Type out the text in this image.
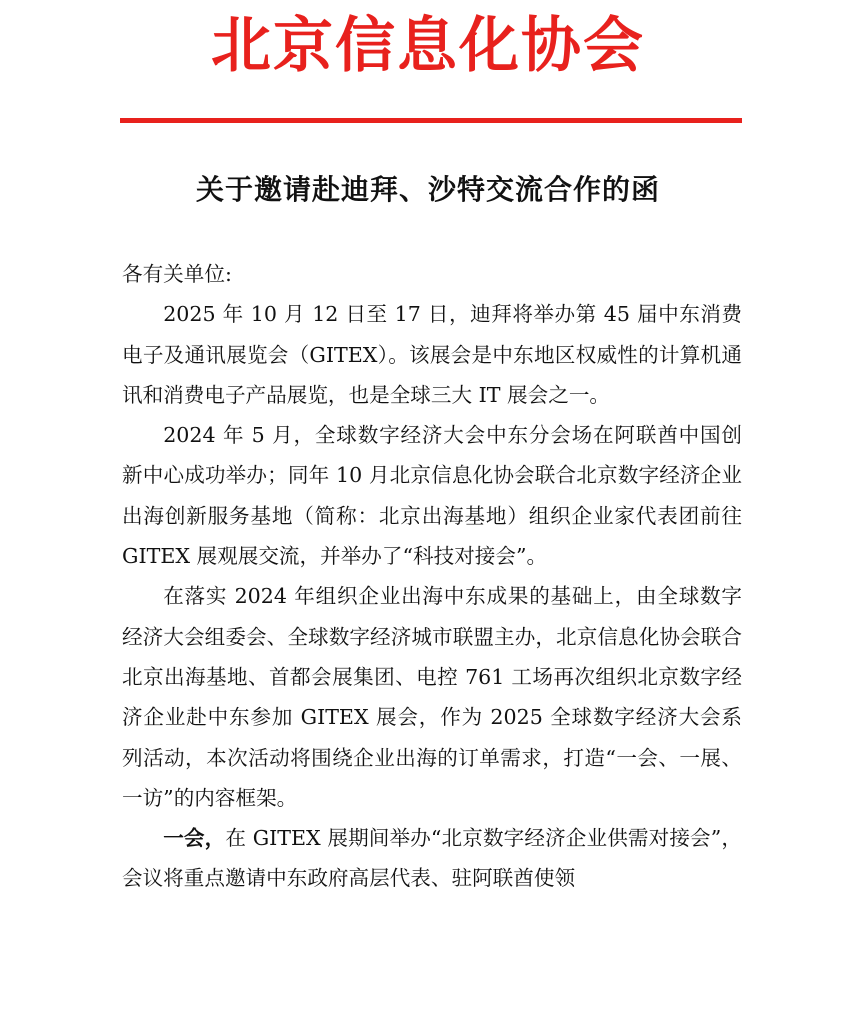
北京信息化协会
关于邀请赴迪拜、沙特交流合作的函

各有关单位:

2025 年 10 月 12 日至 17 日，迪拜将举办第 45 届中东消费电子及通讯展览会（GITEX）。该展会是中东地区权威性的计算机通讯和消费电子产品展览，也是全球三大 IT 展会之一。

2024 年 5 月，全球数字经济大会中东分会场在阿联酋中国创新中心成功举办；同年 10 月北京信息化协会联合北京数字经济企业出海创新服务基地（简称：北京出海基地）组织企业家代表团前往 GITEX 展观展交流，并举办了“科技对接会”。

在落实 2024 年组织企业出海中东成果的基础上，由全球数字经济大会组委会、全球数字经济城市联盟主办，北京信息化协会联合北京出海基地、首都会展集团、电控 761 工场再次组织北京数字经济企业赴中东参加 GITEX 展会，作为 2025 全球数字经济大会系列活动，本次活动将围绕企业出海的订单需求，打造“一会、一展、一访”的内容框架。

一会，在 GITEX 展期间举办“北京数字经济企业供需对接会”，会议将重点邀请中东政府高层代表、驻阿联酋使领
